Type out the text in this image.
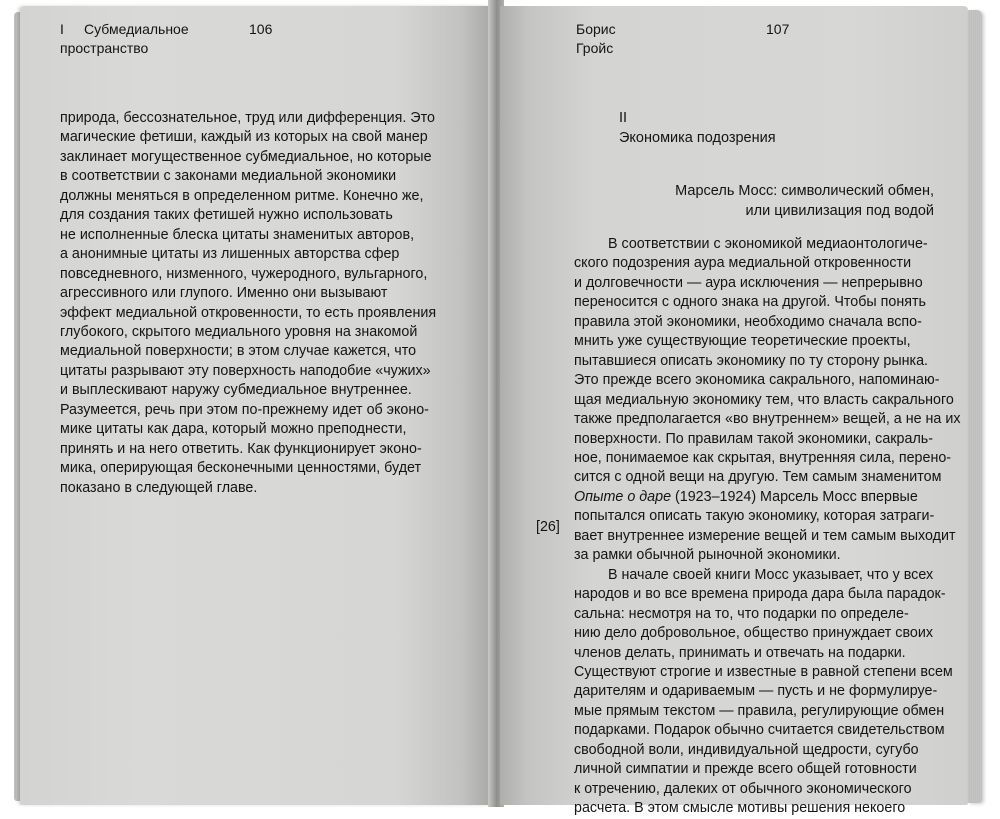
I Субмедиальное
пространство
106
природа, бессознательное, труд или дифференция. Это
магические фетиши, каждый из которых на свой манер
заклинает могущественное субмедиальное, но которые
в соответствии с законами медиальной экономики
должны меняться в определенном ритме. Конечно же,
для создания таких фетишей нужно использовать
не исполненные блеска цитаты знаменитых авторов,
а анонимные цитаты из лишенных авторства сфер
повседневного, низменного, чужеродного, вульгарного,
агрессивного или глупого. Именно они вызывают
эффект медиальной откровенности, то есть проявления
глубокого, скрытого медиального уровня на знакомой
медиальной поверхности; в этом случае кажется, что
цитаты разрывают эту поверхность наподобие «чужих»
и выплескивают наружу субмедиальное внутреннее.
Разумеется, речь при этом по-прежнему идет об эконо-
мике цитаты как дара, который можно преподнести,
принять и на него ответить. Как функционирует эконо-
мика, оперирующая бесконечными ценностями, будет
показано в следующей главе.
Борис
Гройс
107
II
Экономика подозрения
Марсель Мосс: символический обмен,
или цивилизация под водой
[26]
В соответствии с экономикой медиаонтологиче-
ского подозрения аура медиальной откровенности
и долговечности — аура исключения — непрерывно
переносится с одного знака на другой. Чтобы понять
правила этой экономики, необходимо сначала вспо-
мнить уже существующие теоретические проекты,
пытавшиеся описать экономику по ту сторону рынка.
Это прежде всего экономика сакрального, напоминаю-
щая медиальную экономику тем, что власть сакрального
также предполагается «во внутреннем» вещей, а не на их
поверхности. По правилам такой экономики, сакраль-
ное, понимаемое как скрытая, внутренняя сила, перено-
сится с одной вещи на другую. Тем самым знаменитом
Опыте о даре (1923–1924) Марсель Мосс впервые
попытался описать такую экономику, которая затраги-
вает внутреннее измерение вещей и тем самым выходит
за рамки обычной рыночной экономики.
В начале своей книги Мосс указывает, что у всех
народов и во все времена природа дара была парадок-
сальна: несмотря на то, что подарки по определе-
нию дело добровольное, общество принуждает своих
членов делать, принимать и отвечать на подарки.
Существуют строгие и известные в равной степени всем
дарителям и одариваемым — пусть и не формулируе-
мые прямым текстом — правила, регулирующие обмен
подарками. Подарок обычно считается свидетельством
свободной воли, индивидуальной щедрости, сугубо
личной симпатии и прежде всего общей готовности
к отречению, далеких от обычного экономического
расчета. В этом смысле мотивы решения некоего
